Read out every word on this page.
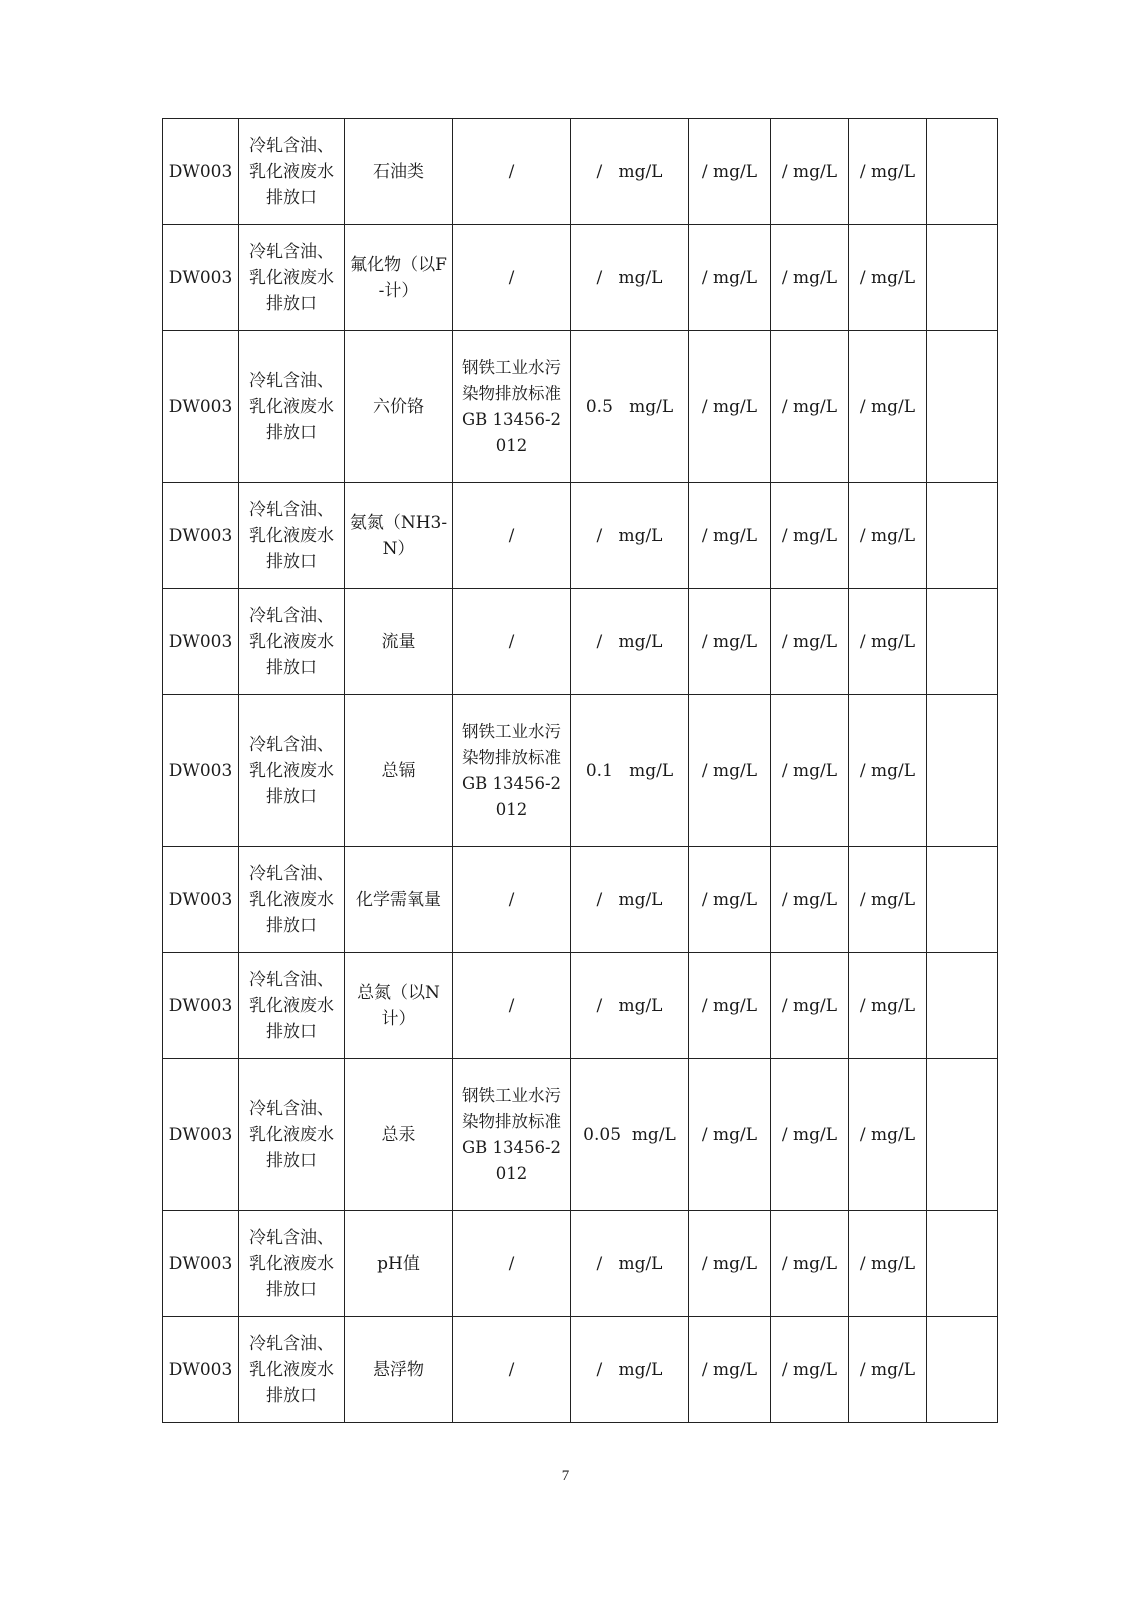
DW003	冷轧含油、乳化液废水排放口	石油类	/	/   mg/L	/ mg/L	/ mg/L	/ mg/L	
DW003	冷轧含油、乳化液废水排放口	氟化物（以F-计）	/	/   mg/L	/ mg/L	/ mg/L	/ mg/L	
DW003	冷轧含油、乳化液废水排放口	六价铬	钢铁工业水污染物排放标准GB 13456-2012	0.5   mg/L	/ mg/L	/ mg/L	/ mg/L	
DW003	冷轧含油、乳化液废水排放口	氨氮（NH3-N）	/	/   mg/L	/ mg/L	/ mg/L	/ mg/L	
DW003	冷轧含油、乳化液废水排放口	流量	/	/   mg/L	/ mg/L	/ mg/L	/ mg/L	
DW003	冷轧含油、乳化液废水排放口	总镉	钢铁工业水污染物排放标准GB 13456-2012	0.1   mg/L	/ mg/L	/ mg/L	/ mg/L	
DW003	冷轧含油、乳化液废水排放口	化学需氧量	/	/   mg/L	/ mg/L	/ mg/L	/ mg/L	
DW003	冷轧含油、乳化液废水排放口	总氮（以N计）	/	/   mg/L	/ mg/L	/ mg/L	/ mg/L	
DW003	冷轧含油、乳化液废水排放口	总汞	钢铁工业水污染物排放标准GB 13456-2012	0.05  mg/L	/ mg/L	/ mg/L	/ mg/L	
DW003	冷轧含油、乳化液废水排放口	pH值	/	/   mg/L	/ mg/L	/ mg/L	/ mg/L	
DW003	冷轧含油、乳化液废水排放口	悬浮物	/	/   mg/L	/ mg/L	/ mg/L	/ mg/L	
7
